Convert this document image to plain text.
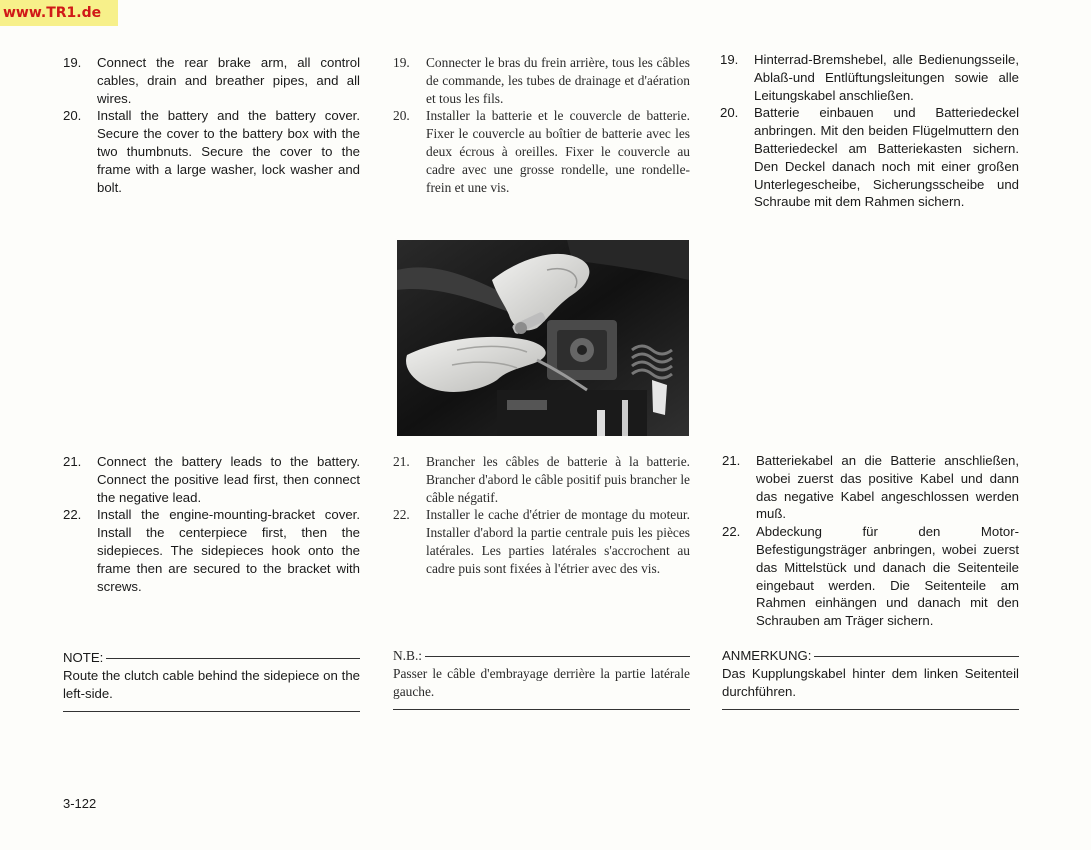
www.TR1.de
19.	Connect the rear brake arm, all control cables, drain and breather pipes, and all wires.
20.	Install the battery and the battery cover. Secure the cover to the battery box with the two thumbnuts. Secure the cover to the frame with a large washer, lock washer and bolt.
19.	Connecter le bras du frein arrière, tous les câbles de commande, les tubes de drainage et d'aération et tous les fils.
20.	Installer la batterie et le couvercle de batterie. Fixer le couvercle au boîtier de batterie avec les deux écrous à oreilles. Fixer le couvercle au cadre avec une grosse rondelle, une rondelle-frein et une vis.
19.	Hinterrad-Bremshebel, alle Bedienungsseile, Ablaß-und Entlüftungsleitungen sowie alle Leitungskabel anschließen.
20.	Batterie einbauen und Batteriedeckel anbringen. Mit den beiden Flügelmuttern den Batteriedeckel am Batteriekasten sichern. Den Deckel danach noch mit einer großen Unterlegescheibe, Sicherungsscheibe und Schraube mit dem Rahmen sichern.
21.	Connect the battery leads to the battery. Connect the positive lead first, then connect the negative lead.
22.	Install the engine-mounting-bracket cover. Install the centerpiece first, then the sidepieces. The sidepieces hook onto the frame then are secured to the bracket with screws.
21.	Brancher les câbles de batterie à la batterie. Brancher d'abord le câble positif puis brancher le câble négatif.
22.	Installer le cache d'étrier de montage du moteur. Installer d'abord la partie centrale puis les pièces latérales. Les parties latérales s'accrochent au cadre puis sont fixées à l'étrier avec des vis.
21.	Batteriekabel an die Batterie anschließen, wobei zuerst das positive Kabel und dann das negative Kabel angeschlossen werden muß.
22.	Abdeckung für den Motor-Befestigungsträger anbringen, wobei zuerst das Mittelstück und danach die Seitenteile eingebaut werden. Die Seitenteile am Rahmen einhängen und danach mit den Schrauben am Träger sichern.
NOTE:
Route the clutch cable behind the sidepiece on the left-side.
N.B.:
Passer le câble d'embrayage derrière la partie latérale gauche.
ANMERKUNG:
Das Kupplungskabel hinter dem linken Seitenteil durchführen.
3-122
